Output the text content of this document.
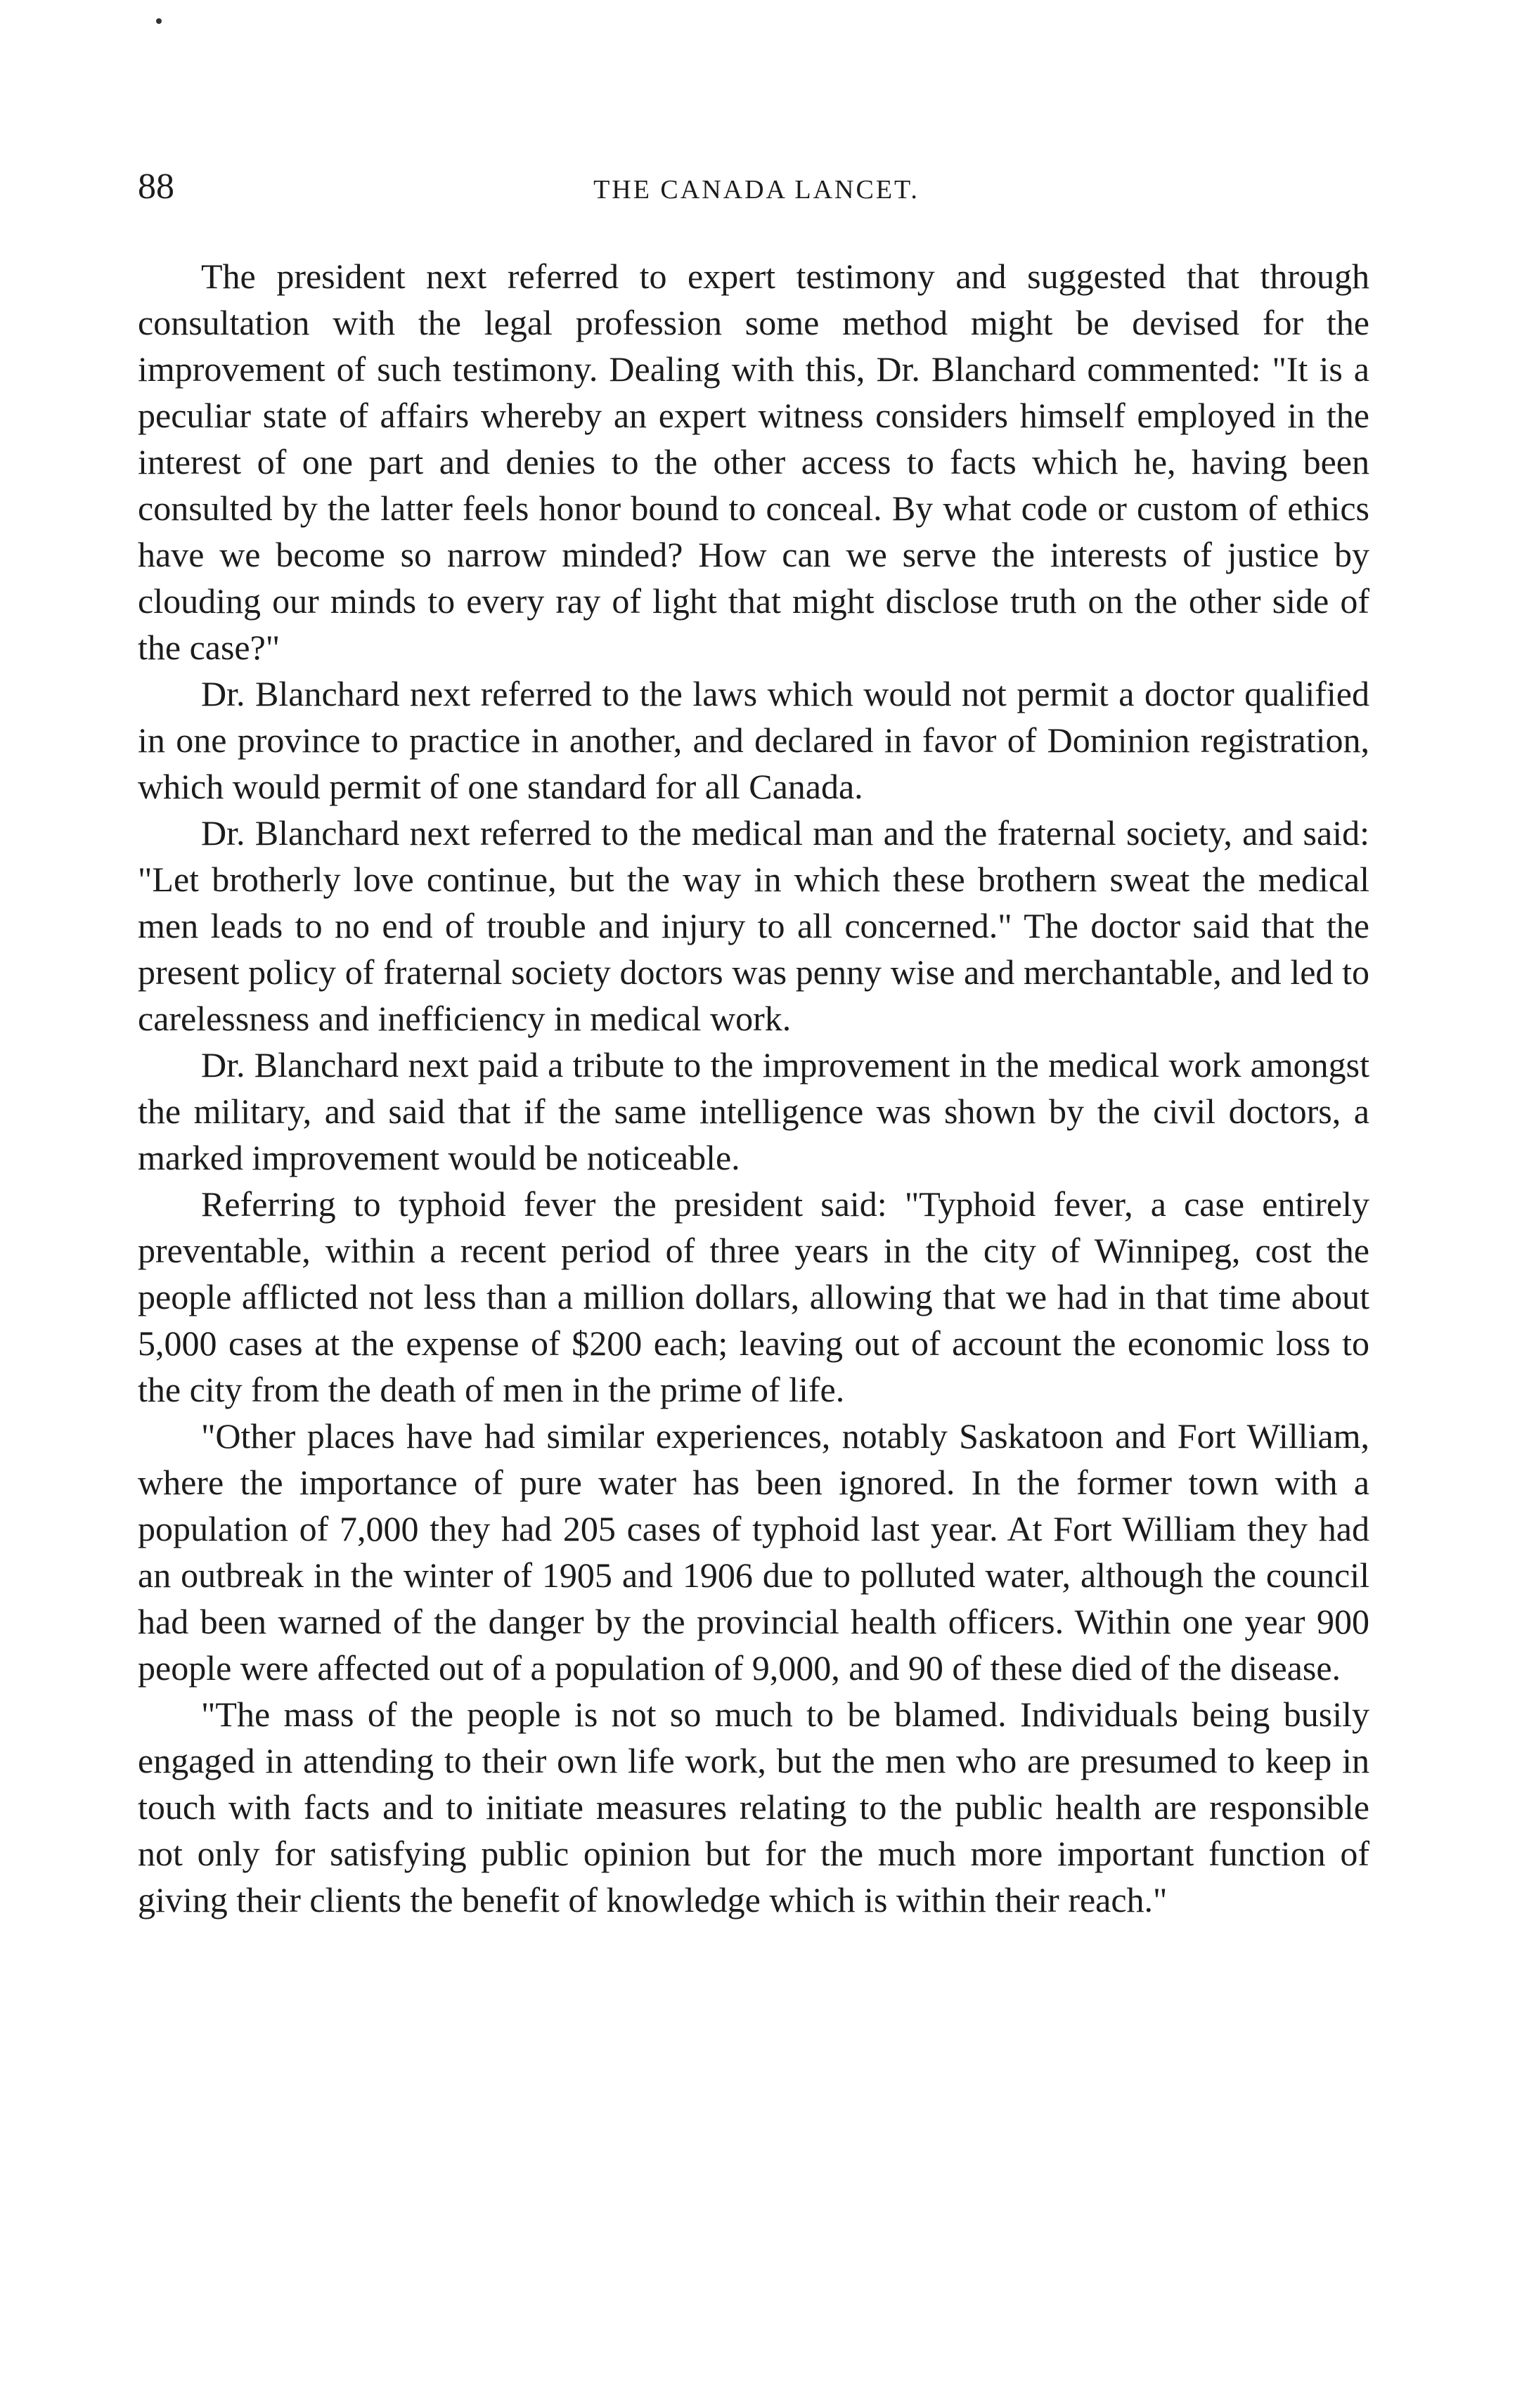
88	THE CANADA LANCET.

The president next referred to expert testimony and suggested that through consultation with the legal profession some method might be devised for the improvement of such testimony. Dealing with this, Dr. Blanchard commented: "It is a peculiar state of affairs whereby an expert witness considers himself employed in the interest of one part and denies to the other access to facts which he, having been consulted by the latter feels honor bound to conceal. By what code or custom of ethics have we become so narrow minded? How can we serve the interests of justice by clouding our minds to every ray of light that might disclose truth on the other side of the case?"

Dr. Blanchard next referred to the laws which would not permit a doctor qualified in one province to practice in another, and declared in favor of Dominion registration, which would permit of one standard for all Canada.

Dr. Blanchard next referred to the medical man and the fraternal society, and said: "Let brotherly love continue, but the way in which these brothern sweat the medical men leads to no end of trouble and injury to all concerned." The doctor said that the present policy of fraternal society doctors was penny wise and merchantable, and led to carelessness and inefficiency in medical work.

Dr. Blanchard next paid a tribute to the improvement in the medical work amongst the military, and said that if the same intelligence was shown by the civil doctors, a marked improvement would be noticeable.

Referring to typhoid fever the president said: "Typhoid fever, a case entirely preventable, within a recent period of three years in the city of Winnipeg, cost the people afflicted not less than a million dollars, allowing that we had in that time about 5,000 cases at the expense of $200 each; leaving out of account the economic loss to the city from the death of men in the prime of life.

"Other places have had similar experiences, notably Saskatoon and Fort William, where the importance of pure water has been ignored. In the former town with a population of 7,000 they had 205 cases of typhoid last year. At Fort William they had an outbreak in the winter of 1905 and 1906 due to polluted water, although the council had been warned of the danger by the provincial health officers. Within one year 900 people were affected out of a population of 9,000, and 90 of these died of the disease.

"The mass of the people is not so much to be blamed. Individuals being busily engaged in attending to their own life work, but the men who are presumed to keep in touch with facts and to initiate measures relating to the public health are responsible not only for satisfying public opinion but for the much more important function of giving their clients the benefit of knowledge which is within their reach."
